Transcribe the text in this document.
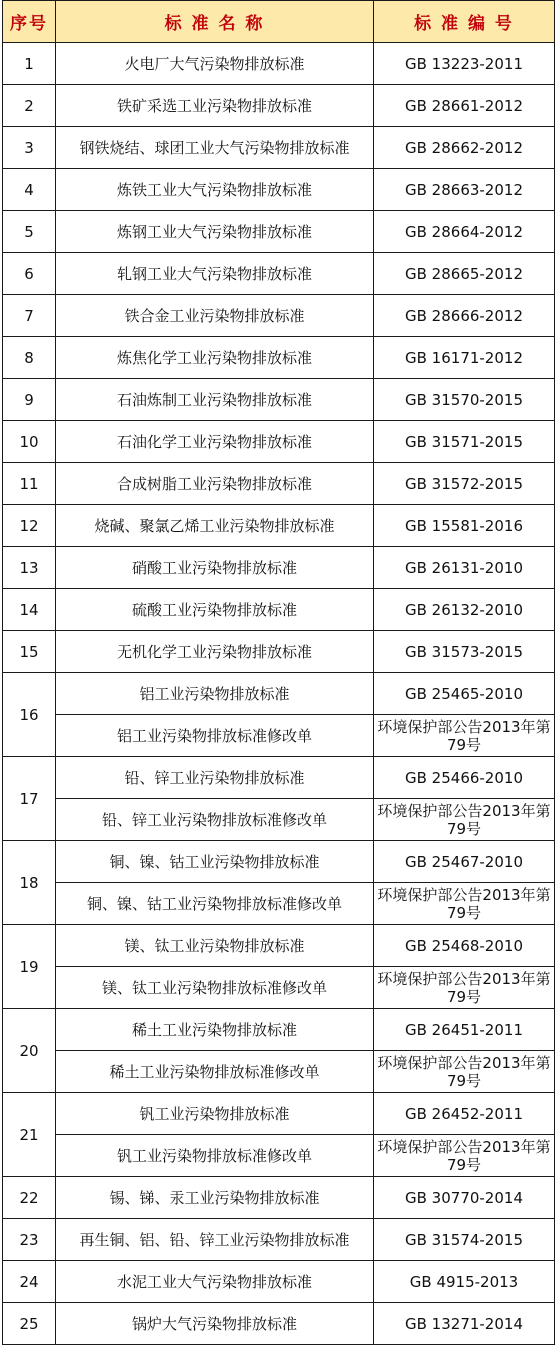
序号	标 准 名 称	标 准 编 号
1	火电厂大气污染物排放标准	GB 13223-2011
2	铁矿采选工业污染物排放标准	GB 28661-2012
3	钢铁烧结、球团工业大气污染物排放标准	GB 28662-2012
4	炼铁工业大气污染物排放标准	GB 28663-2012
5	炼钢工业大气污染物排放标准	GB 28664-2012
6	轧钢工业大气污染物排放标准	GB 28665-2012
7	铁合金工业污染物排放标准	GB 28666-2012
8	炼焦化学工业污染物排放标准	GB 16171-2012
9	石油炼制工业污染物排放标准	GB 31570-2015
10	石油化学工业污染物排放标准	GB 31571-2015
11	合成树脂工业污染物排放标准	GB 31572-2015
12	烧碱、聚氯乙烯工业污染物排放标准	GB 15581-2016
13	硝酸工业污染物排放标准	GB 26131-2010
14	硫酸工业污染物排放标准	GB 26132-2010
15	无机化学工业污染物排放标准	GB 31573-2015
16	铝工业污染物排放标准	GB 25465-2010
	铝工业污染物排放标准修改单	环境保护部公告2013年第79号
17	铅、锌工业污染物排放标准	GB 25466-2010
	铅、锌工业污染物排放标准修改单	环境保护部公告2013年第79号
18	铜、镍、钴工业污染物排放标准	GB 25467-2010
	铜、镍、钴工业污染物排放标准修改单	环境保护部公告2013年第79号
19	镁、钛工业污染物排放标准	GB 25468-2010
	镁、钛工业污染物排放标准修改单	环境保护部公告2013年第79号
20	稀土工业污染物排放标准	GB 26451-2011
	稀土工业污染物排放标准修改单	环境保护部公告2013年第79号
21	钒工业污染物排放标准	GB 26452-2011
	钒工业污染物排放标准修改单	环境保护部公告2013年第79号
22	锡、锑、汞工业污染物排放标准	GB 30770-2014
23	再生铜、铝、铅、锌工业污染物排放标准	GB 31574-2015
24	水泥工业大气污染物排放标准	GB 4915-2013
25	锅炉大气污染物排放标准	GB 13271-2014
